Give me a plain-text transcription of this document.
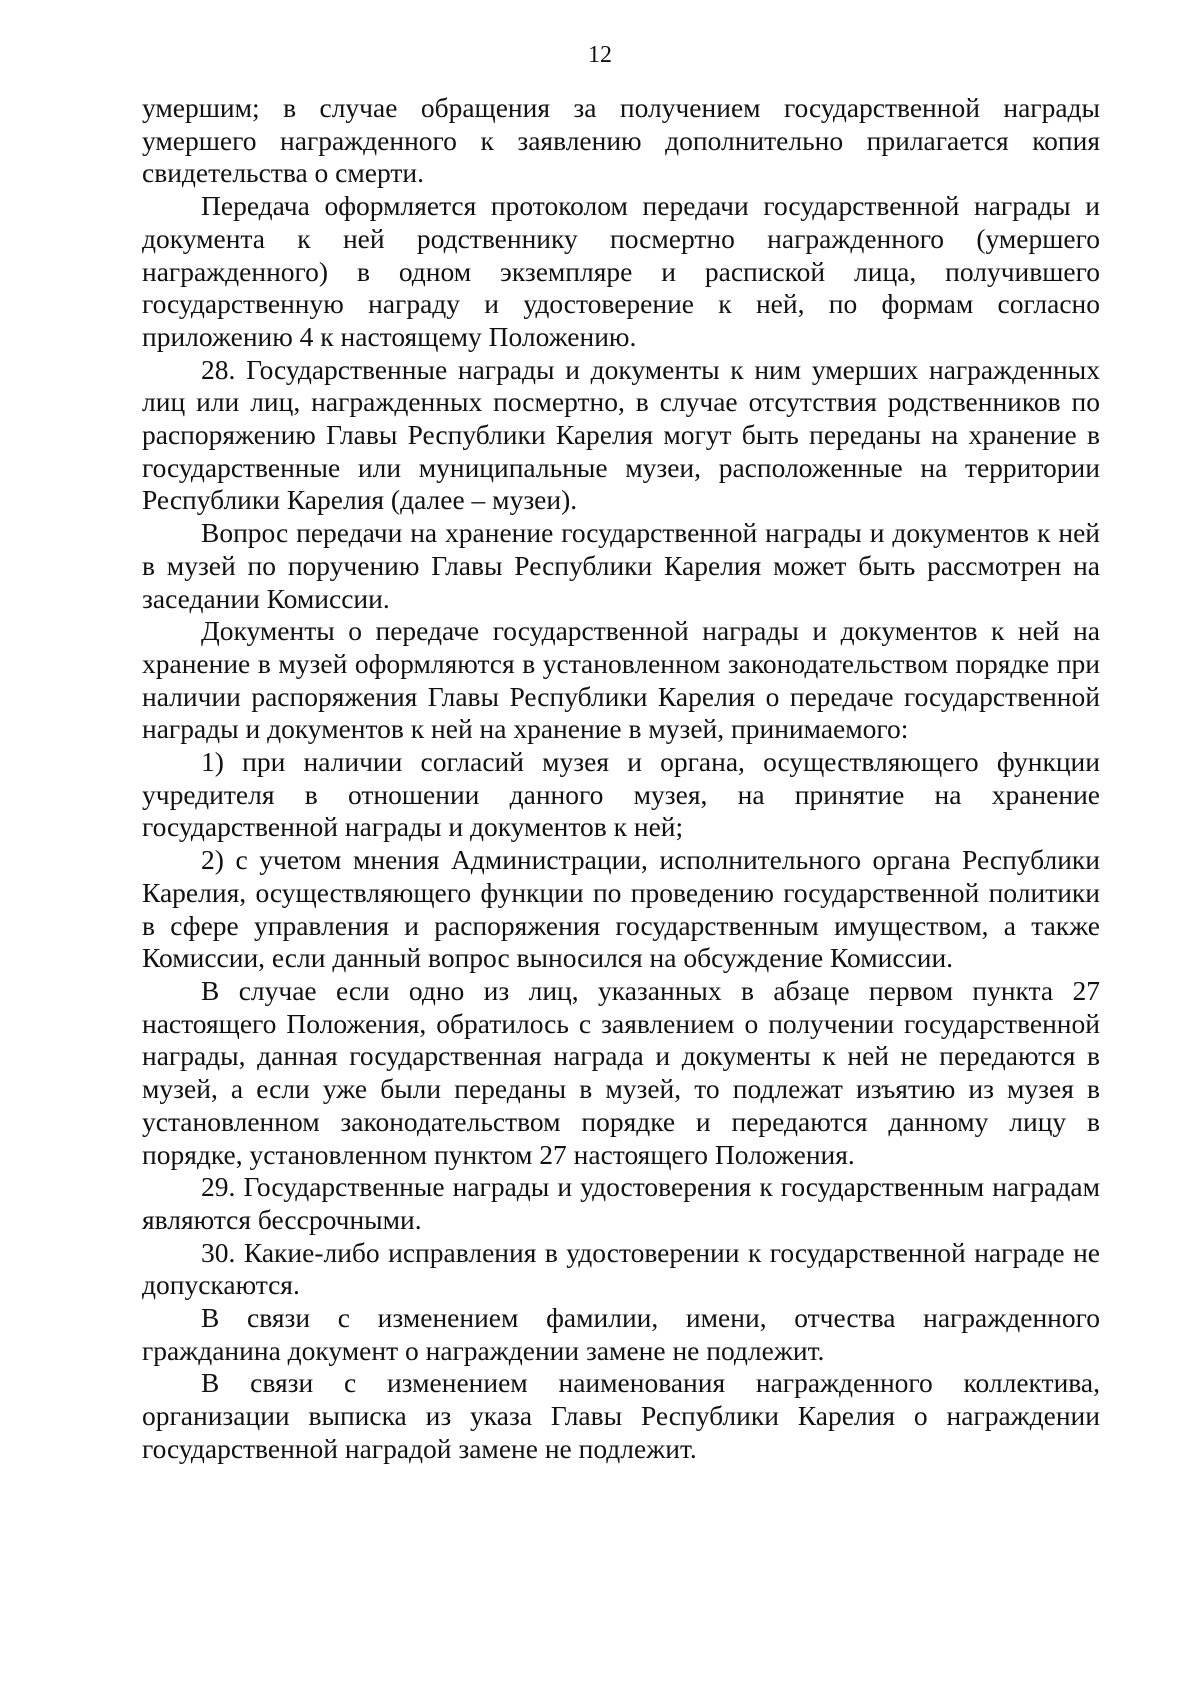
12

умершим; в случае обращения за получением государственной награды умершего награжденного к заявлению дополнительно прилагается копия свидетельства о смерти.

Передача оформляется протоколом передачи государственной награды и документа к ней родственнику посмертно награжденного (умершего награжденного) в одном экземпляре и распиской лица, получившего государственную награду и удостоверение к ней, по формам согласно приложению 4 к настоящему Положению.

28. Государственные награды и документы к ним умерших награжденных лиц или лиц, награжденных посмертно, в случае отсутствия родственников по распоряжению Главы Республики Карелия могут быть переданы на хранение в государственные или муниципальные музеи, расположенные на территории Республики Карелия (далее – музеи).

Вопрос передачи на хранение государственной награды и документов к ней в музей по поручению Главы Республики Карелия может быть рассмотрен на заседании Комиссии.

Документы о передаче государственной награды и документов к ней на хранение в музей оформляются в установленном законодательством порядке при наличии распоряжения Главы Республики Карелия о передаче государственной награды и документов к ней на хранение в музей, принимаемого:

1) при наличии согласий музея и органа, осуществляющего функции учредителя в отношении данного музея, на принятие на хранение государственной награды и документов к ней;

2) с учетом мнения Администрации, исполнительного органа Республики Карелия, осуществляющего функции по проведению государственной политики в сфере управления и распоряжения государственным имуществом, а также Комиссии, если данный вопрос выносился на обсуждение Комиссии.

В случае если одно из лиц, указанных в абзаце первом пункта 27 настоящего Положения, обратилось с заявлением о получении государственной награды, данная государственная награда и документы к ней не передаются в музей, а если уже были переданы в музей, то подлежат изъятию из музея в установленном законодательством порядке и передаются данному лицу в порядке, установленном пунктом 27 настоящего Положения.

29. Государственные награды и удостоверения к государственным наградам являются бессрочными.

30. Какие-либо исправления в удостоверении к государственной награде не допускаются.

В связи с изменением фамилии, имени, отчества награжденного гражданина документ о награждении замене не подлежит.

В связи с изменением наименования награжденного коллектива, организации выписка из указа Главы Республики Карелия о награждении государственной наградой замене не подлежит.
